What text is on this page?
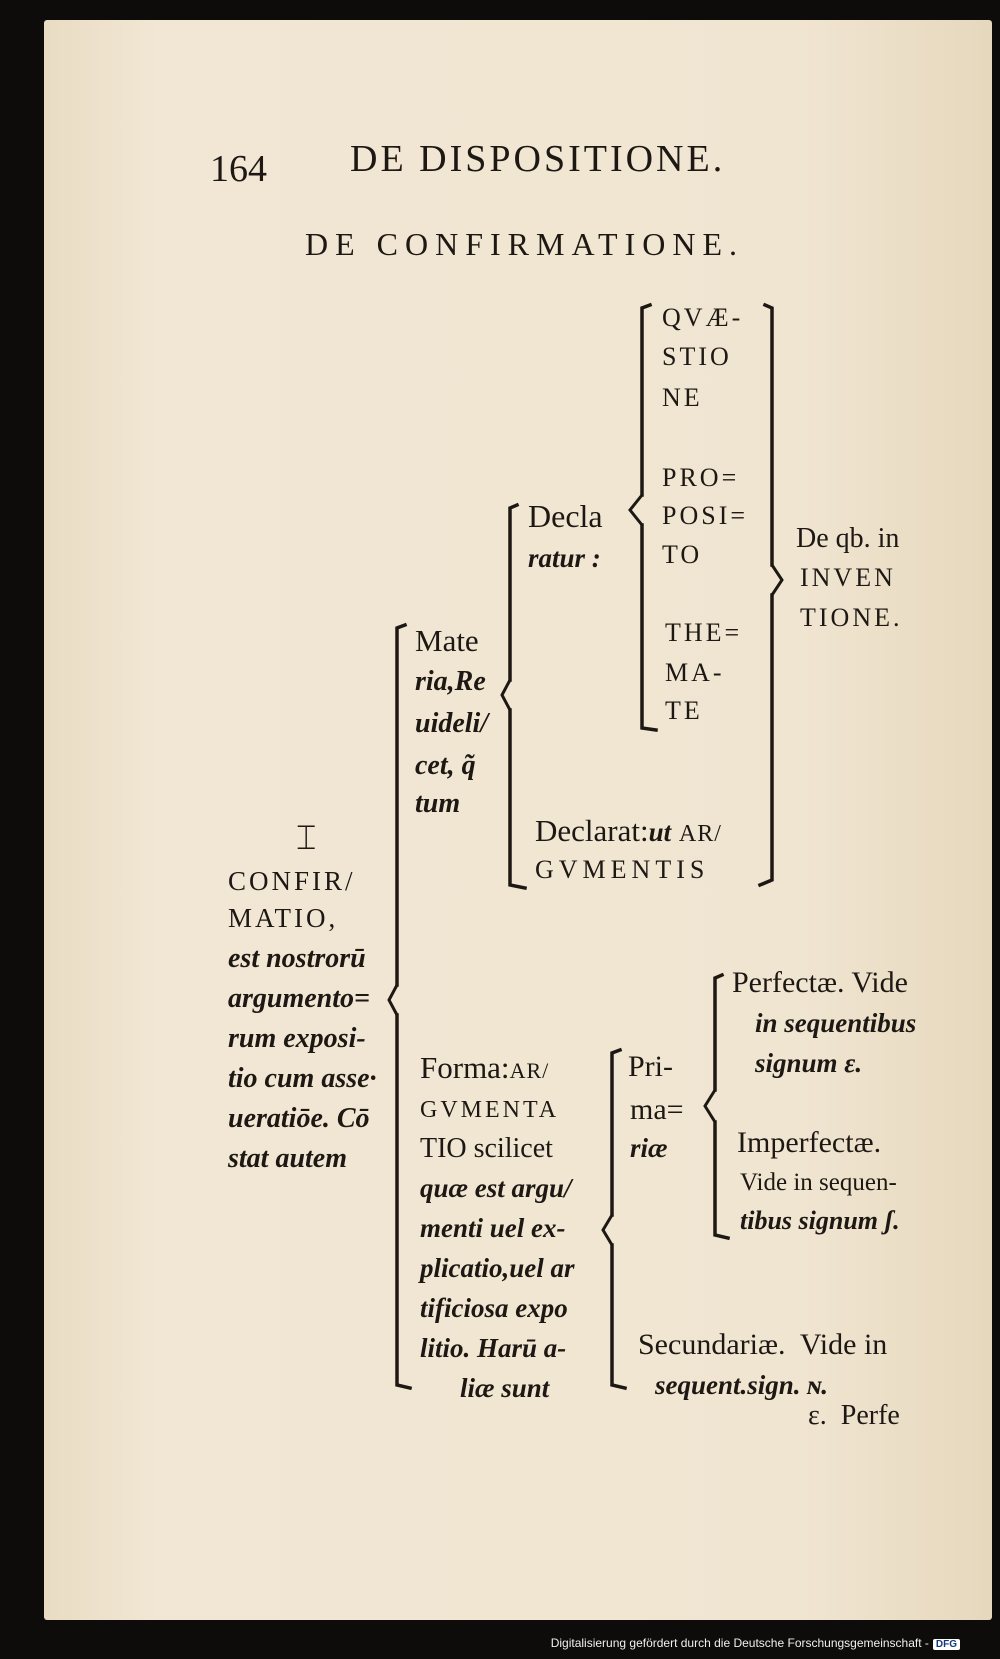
164 DE DISPOSITIONE.
DE CONFIRMATIONE.
⌶
CONFIR/
MATIO,
est nostrorū
argumento=
rum exposi-
tio cum asse·
ueratiōe. Cō
stat autem
Mate
ria,Re
uideli/
cet, q̃
tum
Decla
ratur :
QVÆ-
STIO
NE
PRO=
POSI=
TO
THE=
MA-
TE
De qb. in
INVEN
TIONE.
Declarat:ut AR/
GVMENTIS
Forma:AR/
GVMENTA
TIO scilicet
quæ est argu/
menti uel ex-
plicatio,uel ar
tificiosa expo
litio. Harū a-
liæ sunt
Pri-
ma=
riæ
Perfectæ. Vide
in sequentibus
signum ε.
Imperfectæ.
Vide in sequen-
tibus signum ʃ.
Secundariæ.  Vide in
sequent.sign. ɴ.
ε.  Perfe
Digitalisierung gefördert durch die Deutsche Forschungsgemeinschaft - DFG
